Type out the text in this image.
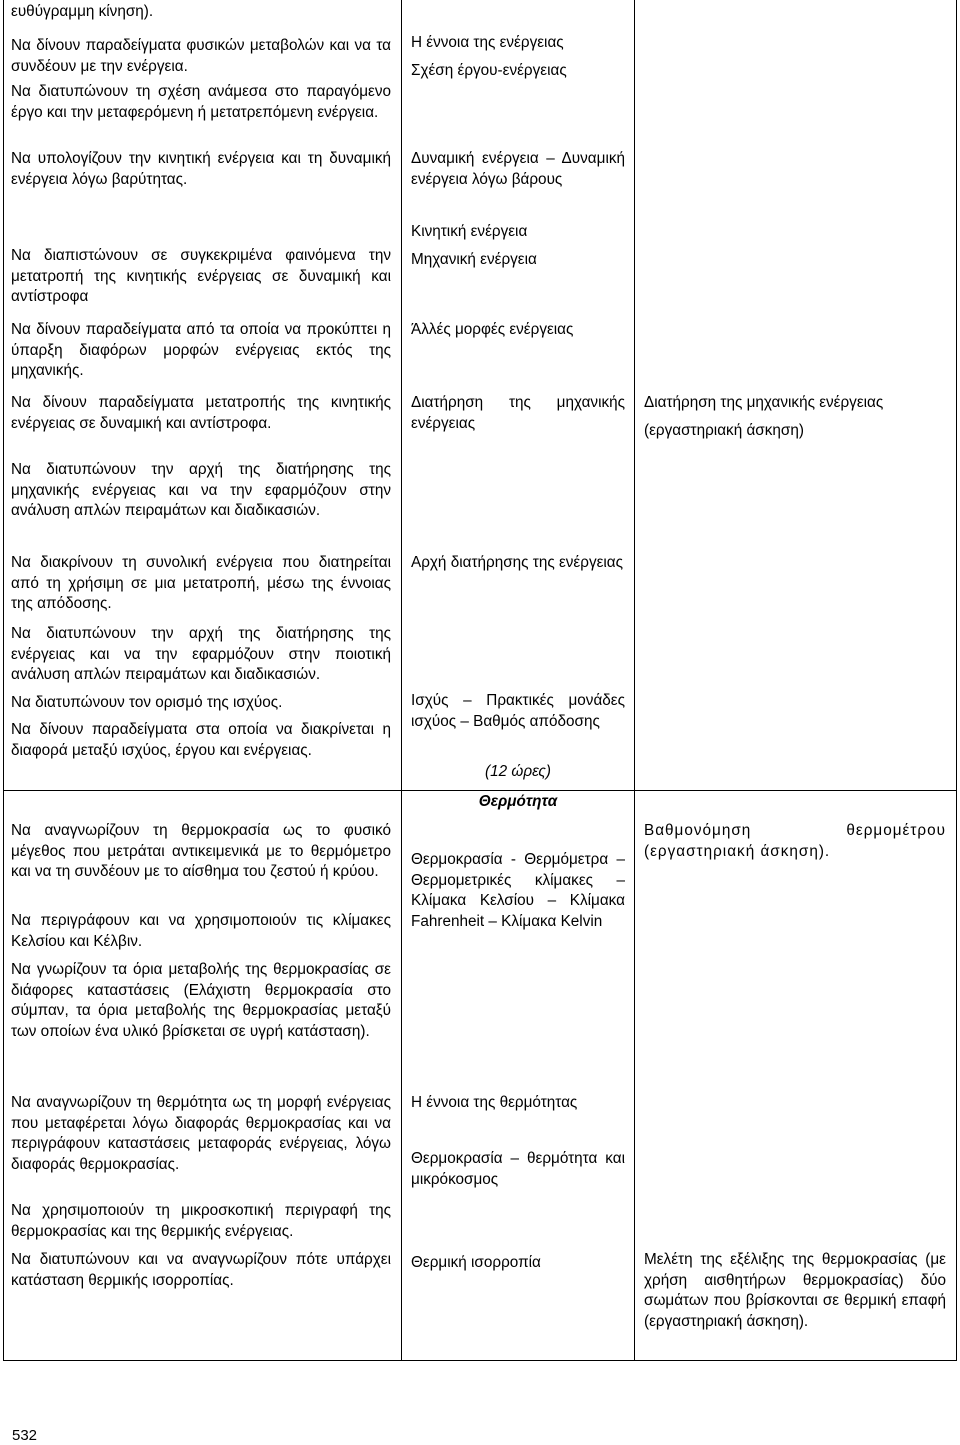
ευθύγραμμη κίνηση).

Να δίνουν παραδείγματα φυσικών μεταβολών και να τα συνδέουν με την ενέργεια.

Να διατυπώνουν τη σχέση ανάμεσα στο παραγόμενο έργο και την μεταφερόμενη ή μετατρεπόμενη ενέργεια.

Να υπολογίζουν την κινητική ενέργεια και τη δυναμική ενέργεια λόγω βαρύτητας.

Να διαπιστώνουν σε συγκεκριμένα φαινόμενα την μετατροπή της κινητικής ενέργειας σε δυναμική και αντίστροφα

Να δίνουν παραδείγματα από τα οποία να προκύπτει η ύπαρξη διαφόρων μορφών ενέργειας εκτός της μηχανικής.

Να δίνουν παραδείγματα μετατροπής της κινητικής ενέργειας σε δυναμική και αντίστροφα.

Να διατυπώνουν την αρχή της διατήρησης της μηχανικής ενέργειας και να την εφαρμόζουν στην ανάλυση απλών πειραμάτων και διαδικασιών.

Να διακρίνουν τη συνολική ενέργεια που διατηρείται από τη χρήσιμη σε μια μετατροπή, μέσω της έννοιας της απόδοσης.

Να διατυπώνουν την αρχή της διατήρησης της ενέργειας και να την εφαρμόζουν στην ποιοτική ανάλυση απλών πειραμάτων και διαδικασιών.

Να διατυπώνουν τον ορισμό της ισχύος.

Να δίνουν παραδείγματα στα οποία να διακρίνεται η διαφορά μεταξύ ισχύος, έργου και ενέργειας.

Να αναγνωρίζουν τη θερμοκρασία ως το φυσικό μέγεθος που μετράται αντικειμενικά με το θερμόμετρο και να τη συνδέουν με το αίσθημα του ζεστού ή κρύου.

Να περιγράφουν και να χρησιμοποιούν τις κλίμακες Κελσίου και Κέλβιν.

Να γνωρίζουν τα όρια μεταβολής της θερμοκρασίας σε διάφορες καταστάσεις (Ελάχιστη θερμοκρασία στο σύμπαν, τα όρια μεταβολής της θερμοκρασίας μεταξύ των οποίων ένα υλικό βρίσκεται σε υγρή κατάσταση).

Να αναγνωρίζουν τη θερμότητα ως τη μορφή ενέργειας που μεταφέρεται λόγω διαφοράς θερμοκρασίας και να περιγράφουν καταστάσεις μεταφοράς ενέργειας, λόγω διαφοράς θερμοκρασίας.

Να χρησιμοποιούν τη μικροσκοπική περιγραφή της θερμοκρασίας και της θερμικής ενέργειας.

Να διατυπώνουν και να αναγνωρίζουν πότε υπάρχει κατάσταση θερμικής ισορροπίας.

Η έννοια της ενέργειας

Σχέση έργου-ενέργειας

Δυναμική ενέργεια – Δυναμική ενέργεια λόγω βάρους

Κινητική ενέργεια

Μηχανική ενέργεια

Άλλές μορφές ενέργειας

Διατήρηση της μηχανικής ενέργειας

Αρχή διατήρησης της ενέργειας

Ισχύς – Πρακτικές μονάδες ισχύος – Βαθμός απόδοσης

(12 ώρες)

Θερμότητα

Θερμοκρασία - Θερμόμετρα – Θερμομετρικές κλίμακες – Κλίμακα Κελσίου – Κλίμακα Fahrenheit – Κλίμακα Kelvin

Η έννοια της θερμότητας

Θερμοκρασία – θερμότητα και μικρόκοσμος

Θερμική ισορροπία

Διατήρηση της μηχανικής ενέργειας

(εργαστηριακή άσκηση)

Βαθμονόμηση θερμομέτρου (εργαστηριακή άσκηση).

Μελέτη της εξέλιξης της θερμοκρασίας (με χρήση αισθητήρων θερμοκρασίας) δύο σωμάτων που βρίσκονται σε θερμική επαφή (εργαστηριακή άσκηση).

532
